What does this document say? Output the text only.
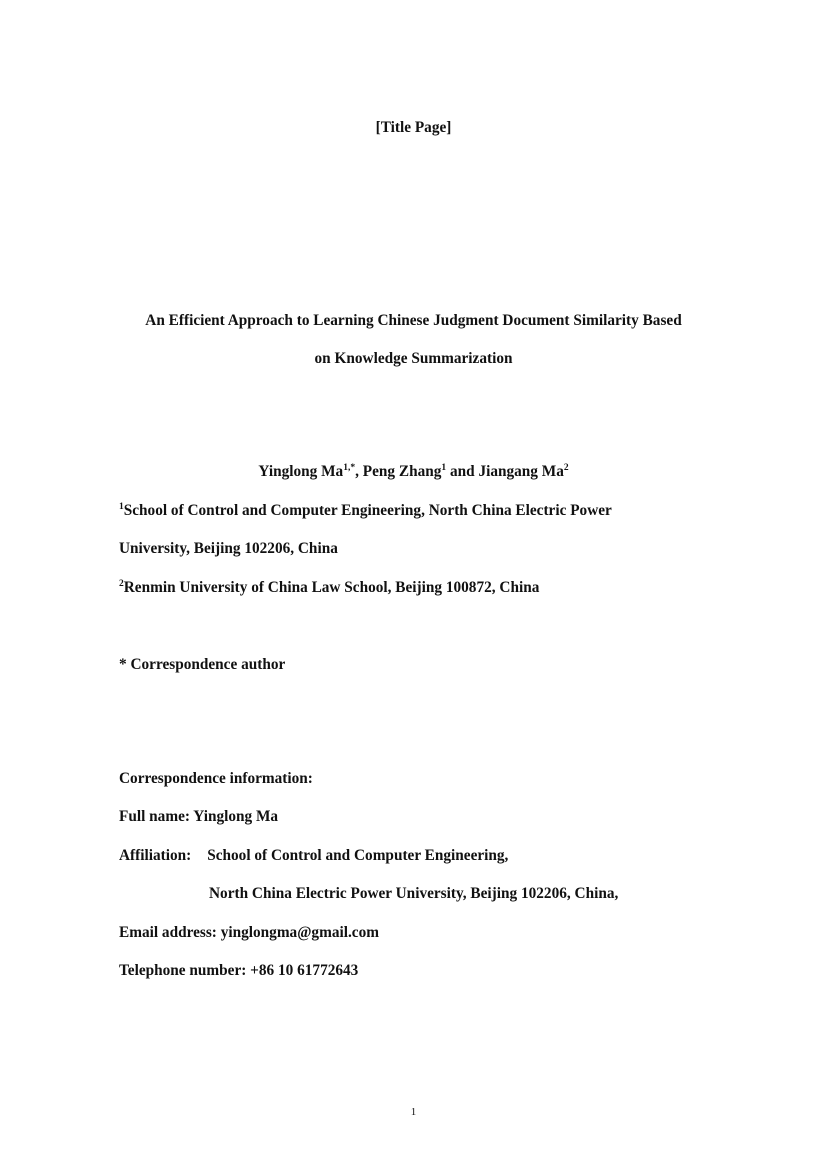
[Title Page]
An Efficient Approach to Learning Chinese Judgment Document Similarity Based
on Knowledge Summarization
Yinglong $Ma^{1,*}$, Peng Zhang$^1$ and Jiangang Ma$^2$
$^1$School of Control and Computer Engineering, North China Electric Power
University, Beijing 102206, China
$^2$Renmin University of China Law School, Beijing 100872, China
* Correspondence author
Correspondence information:
Full name: Yinglong Ma
Affiliation: School of Control and Computer Engineering,
North China Electric Power University, Beijing 102206, China,
Email address: yinglongma@gmail.com
Telephone number: +86 10 61772643
1
